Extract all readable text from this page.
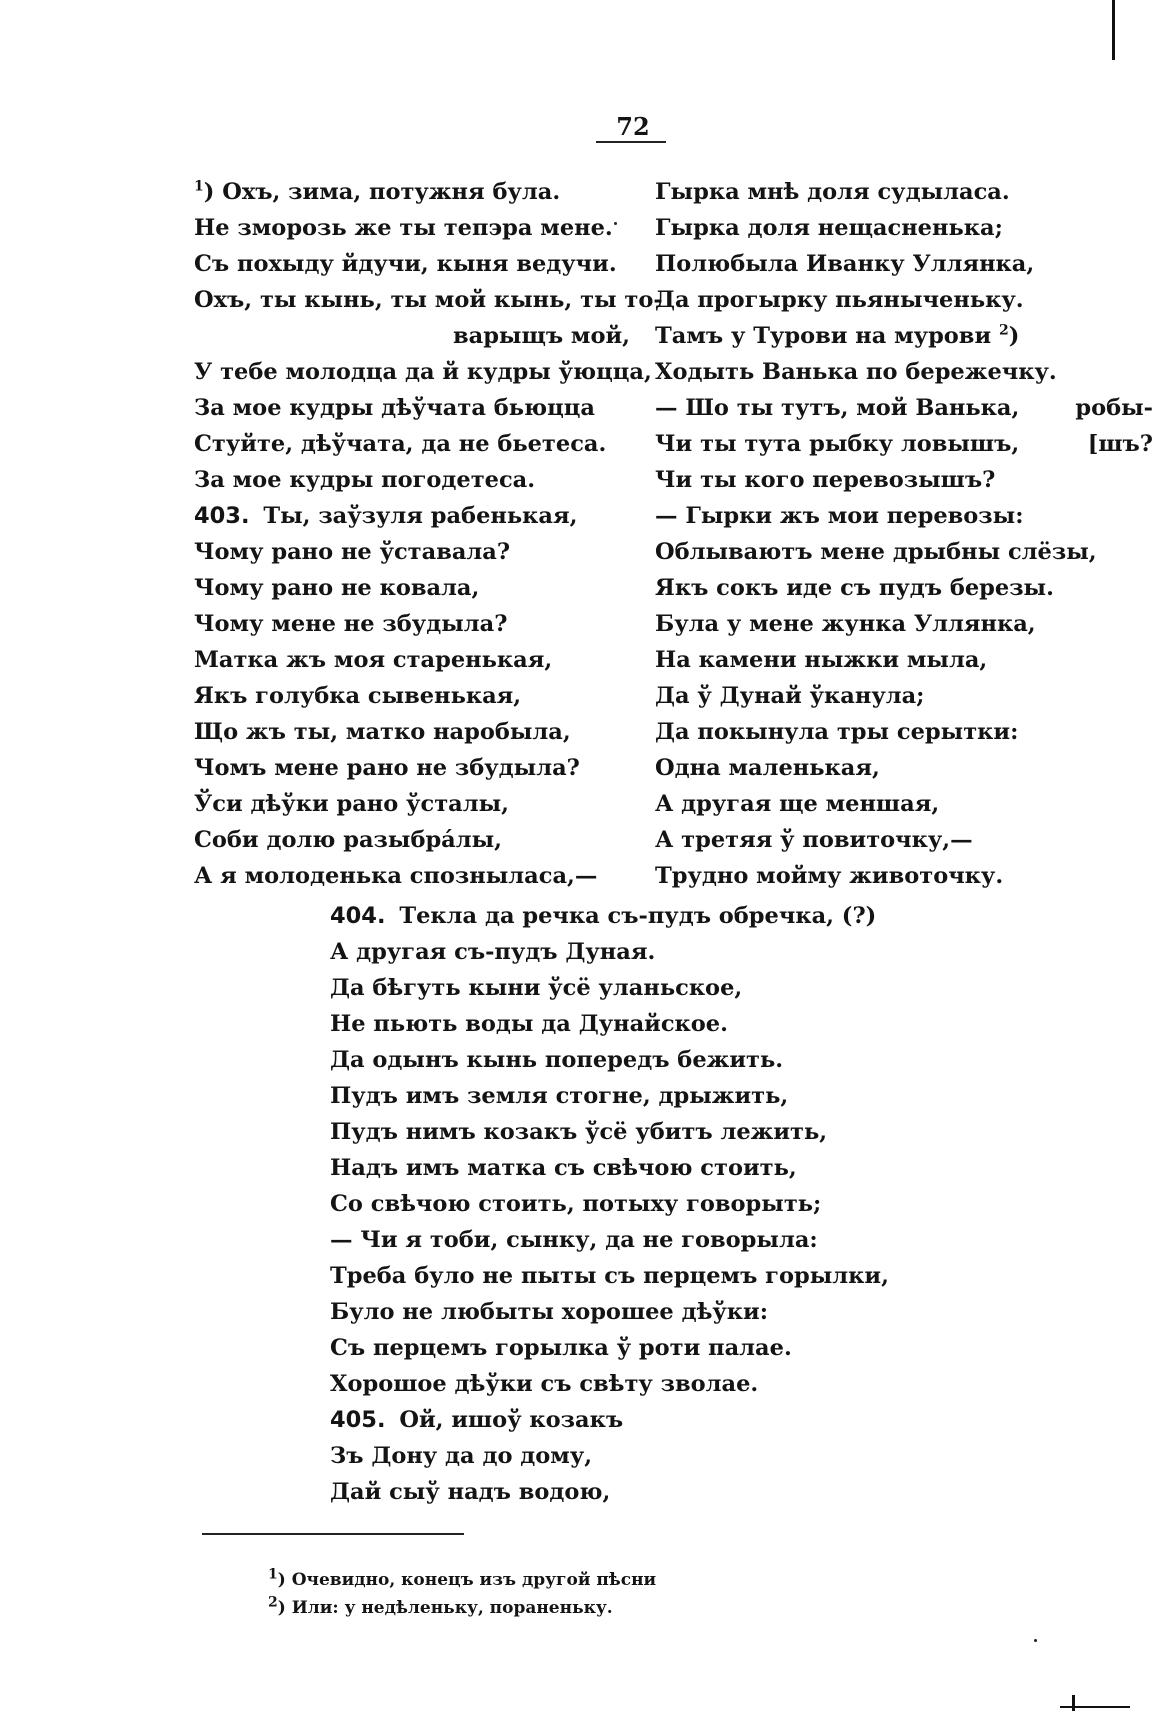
72
$^1$) Охъ, зима, потужня була.
Не зморозь же ты тепэра мене.
Съ похыду йдучи, кыня ведучи.
Охъ, ты кынь, ты мой кынь, ты то-
варыщъ мой,
У тебе молодца да й кудры ўюцца,
За мое кудры дѣўчата бьюцца
Стуйте, дѣўчата, да не бьетеса.
За мое кудры погодетеса.
403. Ты, заўзуля рабенькая,
Чому рано не ўставала?
Чому рано не ковала,
Чому мене не збудыла?
Матка жъ моя старенькая,
Якъ голубка сывенькая,
Що жъ ты, матко наробыла,
Чомъ мене рано не збудыла?
Ўси дѣўки рано ўсталы,
Соби долю разыбрáлы,
А я молоденька спозныласа,—
Гырка мнѣ доля судыласа.
Гырка доля нещасненька;
Полюбыла Иванку Уллянка,
Да прогырку пьяныченьку.
Тамъ у Турови на мурови $^2$)
Ходыть Ванька по бережечку.
— Шо ты тутъ, мой Ванька, робы-
Чи ты тута рыбку ловышъ,	[шъ?
Чи ты кого перевозышъ?
— Гырки жъ мои перевозы:
Облываютъ мене дрыбны слёзы,
Якъ сокъ иде съ пудъ березы.
Була у мене жунка Уллянка,
На камени ныжки мыла,
Да ў Дунай ўканула;
Да покынула тры серытки:
Одна маленькая,
А другая ще меншая,
А третяя ў повиточку,—
Трудно мойму животочку.
404. Текла да речка съ-пудъ обречка, (?)
А другая съ-пудъ Дуная.
Да бѣгуть кыни ўсё уланьское,
Не пьють воды да Дунайское.
Да одынъ кынь попередъ бежить.
Пудъ имъ земля стогне, дрыжить,
Пудъ нимъ козакъ ўсё убитъ лежить,
Надъ имъ матка съ свѣчою стоить,
Со свѣчою стоить, потыху говорыть;
— Чи я тоби, сынку, да не говорыла:
Треба було не пыты съ перцемъ горылки,
Було не любыты хорошее дѣўки:
Съ перцемъ горылка ў роти палае.
Хорошое дѣўки съ свѣту зволае.
405. Ой, ишоў козакъ
Зъ Дону да до дому,
Дай сыў надъ водою,
$^1$) Очевидно, конецъ изъ другой пѣсни
$^2$) Или: у недѣленьку, пораненьку.
